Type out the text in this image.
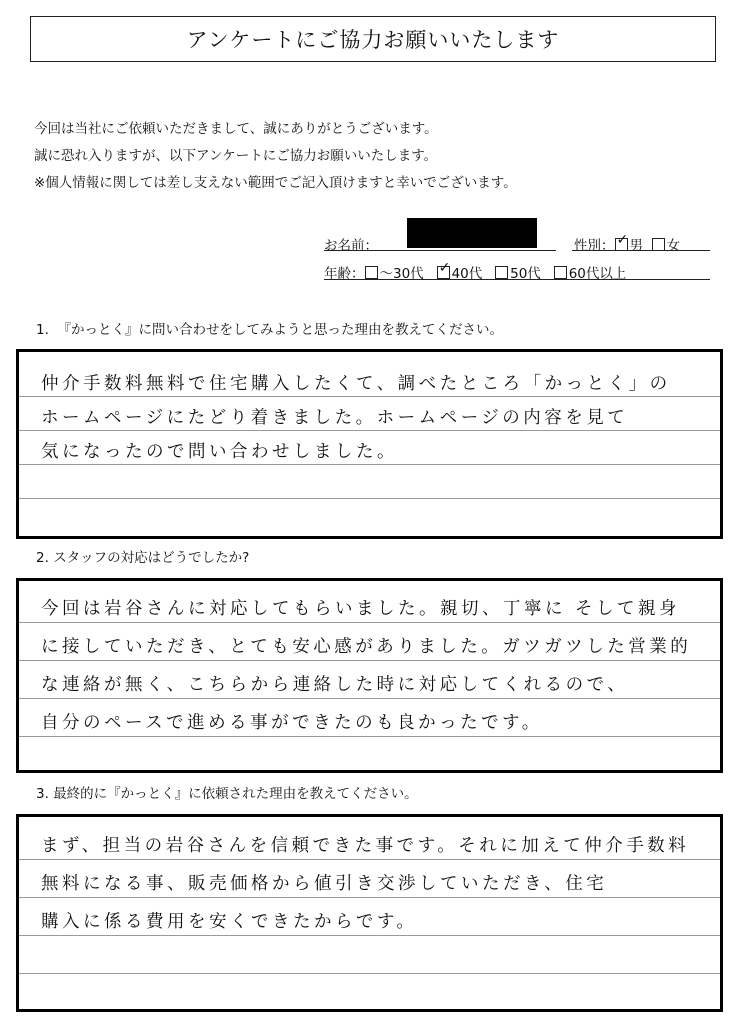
アンケートにご協力お願いいたします
今回は当社にご依頼いただきまして、誠にありがとうございます。
誠に恐れ入りますが、以下アンケートにご協力お願いいたします。
※個人情報に関しては差し支えない範囲でご記入頂けますと幸いでございます。
お名前：	性別： ✓ 男 女
年齢： ～30代 ✓ 40代 50代 60代以上
1. 『かっとく』に問い合わせをしてみようと思った理由を教えてください。
仲介手数料無料で住宅購入したくて、調べたところ「かっとく」の
ホームページにたどり着きました。ホームページの内容を見て
気になったので問い合わせしました。
2. スタッフの対応はどうでしたか?
今回は岩谷さんに対応してもらいました。親切、丁寧に そして親身
に接していただき、とても安心感がありました。ガツガツした営業的
な連絡が無く、こちらから連絡した時に対応してくれるので、
自分のペースで進める事ができたのも良かったです。
3. 最終的に『かっとく』に依頼された理由を教えてください。
まず、担当の岩谷さんを信頼できた事です。それに加えて仲介手数料
無料になる事、販売価格から値引き交渉していただき、住宅
購入に係る費用を安くできたからです。
